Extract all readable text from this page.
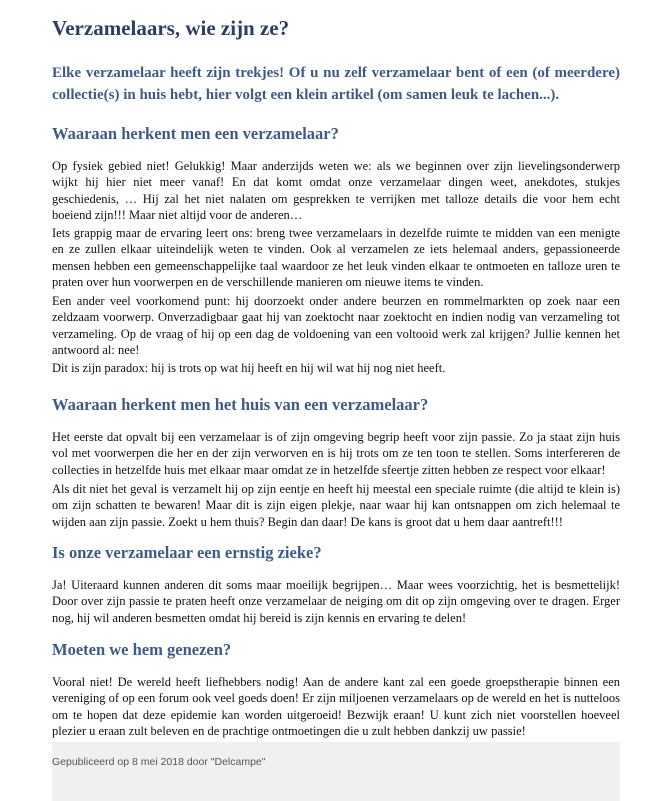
Verzamelaars, wie zijn ze?

Elke verzamelaar heeft zijn trekjes! Of u nu zelf verzamelaar bent of een (of meerdere) collectie(s) in huis hebt, hier volgt een klein artikel (om samen leuk te lachen...).

Waaraan herkent men een verzamelaar?

Op fysiek gebied niet! Gelukkig! Maar anderzijds weten we: als we beginnen over zijn lievelingsonderwerp wijkt hij hier niet meer vanaf! En dat komt omdat onze verzamelaar dingen weet, anekdotes, stukjes geschiedenis, … Hij zal het niet nalaten om gesprekken te verrijken met talloze details die voor hem echt boeiend zijn!!! Maar niet altijd voor de anderen…

Iets grappig maar de ervaring leert ons: breng twee verzamelaars in dezelfde ruimte te midden van een menigte en ze zullen elkaar uiteindelijk weten te vinden. Ook al verzamelen ze iets helemaal anders, gepassioneerde mensen hebben een gemeenschappelijke taal waardoor ze het leuk vinden elkaar te ontmoeten en talloze uren te praten over hun voorwerpen en de verschillende manieren om nieuwe items te vinden.

Een ander veel voorkomend punt: hij doorzoekt onder andere beurzen en rommelmarkten op zoek naar een zeldzaam voorwerp. Onverzadigbaar gaat hij van zoektocht naar zoektocht en indien nodig van verzameling tot verzameling. Op de vraag of hij op een dag de voldoening van een voltooid werk zal krijgen? Jullie kennen het antwoord al: nee!

Dit is zijn paradox: hij is trots op wat hij heeft en hij wil wat hij nog niet heeft.

Waaraan herkent men het huis van een verzamelaar?

Het eerste dat opvalt bij een verzamelaar is of zijn omgeving begrip heeft voor zijn passie. Zo ja staat zijn huis vol met voorwerpen die her en der zijn verworven en is hij trots om ze ten toon te stellen. Soms interfereren de collecties in hetzelfde huis met elkaar maar omdat ze in hetzelfde sfeertje zitten hebben ze respect voor elkaar!

Als dit niet het geval is verzamelt hij op zijn eentje en heeft hij meestal een speciale ruimte (die altijd te klein is) om zijn schatten te bewaren! Maar dit is zijn eigen plekje, naar waar hij kan ontsnappen om zich helemaal te wijden aan zijn passie. Zoekt u hem thuis? Begin dan daar! De kans is groot dat u hem daar aantreft!!!

Is onze verzamelaar een ernstig zieke?

Ja! Uiteraard kunnen anderen dit soms maar moeilijk begrijpen… Maar wees voorzichtig, het is besmettelijk! Door over zijn passie te praten heeft onze verzamelaar de neiging om dit op zijn omgeving over te dragen. Erger nog, hij wil anderen besmetten omdat hij bereid is zijn kennis en ervaring te delen!

Moeten we hem genezen?

Vooral niet! De wereld heeft liefhebbers nodig! Aan de andere kant zal een goede groepstherapie binnen een vereniging of op een forum ook veel goeds doen! Er zijn miljoenen verzamelaars op de wereld en het is nutteloos om te hopen dat deze epidemie kan worden uitgeroeid! Bezwijk eraan! U kunt zich niet voorstellen hoeveel plezier u eraan zult beleven en de prachtige ontmoetingen die u zult hebben dankzij uw passie!

Gepubliceerd op 8 mei 2018 door "Delcampe"
